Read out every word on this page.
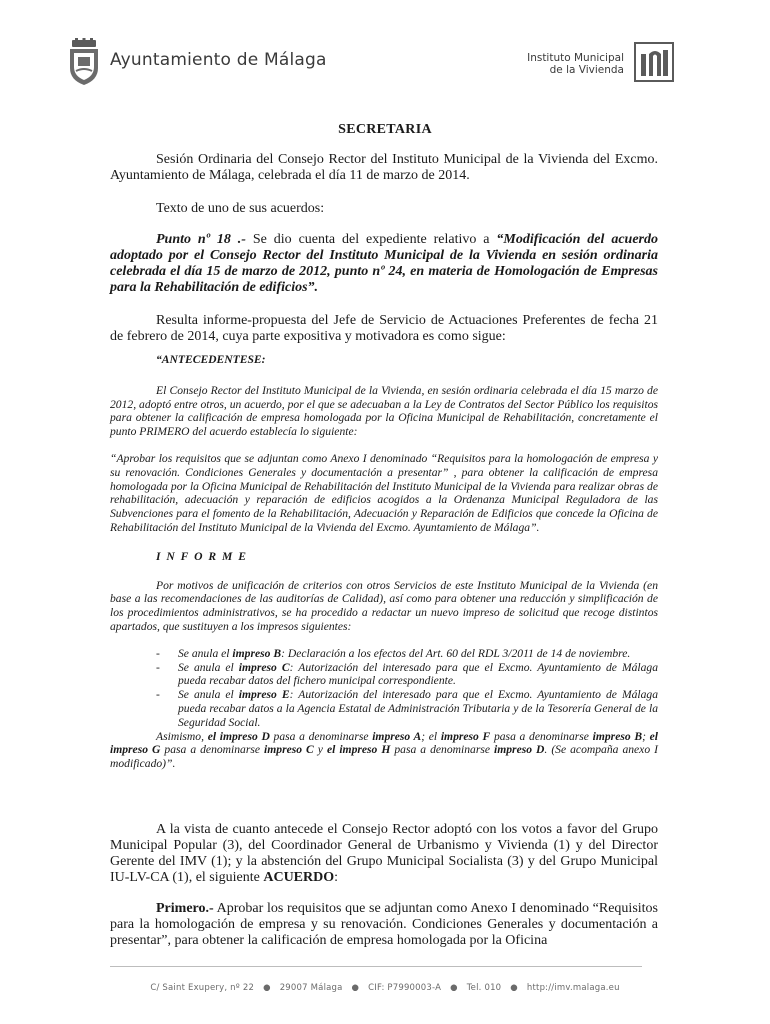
Ayuntamiento de Málaga	Instituto Municipal
de la Vivienda
SECRETARIA

Sesión Ordinaria del Consejo Rector del Instituto Municipal de la Vivienda del Excmo. Ayuntamiento de Málaga, celebrada el día 11 de marzo de 2014.

Texto de uno de sus acuerdos:

Punto nº 18 .- Se dio cuenta del expediente relativo a “Modificación del acuerdo adoptado por el Consejo Rector del Instituto Municipal de la Vivienda en sesión ordinaria celebrada el día 15 de marzo de 2012, punto nº 24, en materia de Homologación de Empresas para la Rehabilitación de edificios”.

Resulta informe-propuesta del Jefe de Servicio de Actuaciones Preferentes de fecha 21 de febrero de 2014, cuya parte expositiva y motivadora es como sigue:

“ANTECEDENTESE:

El Consejo Rector del Instituto Municipal de la Vivienda, en sesión ordinaria celebrada el día 15 marzo de 2012, adoptó entre otros, un acuerdo, por el que se adecuaban a la Ley de Contratos del Sector Público los requisitos para obtener la calificación de empresa homologada por la Oficina Municipal de Rehabilitación, concretamente el punto PRIMERO del acuerdo establecía lo siguiente:

“Aprobar los requisitos que se adjuntan como Anexo I denominado “Requisitos para la homologación de empresa y su renovación. Condiciones Generales y documentación a presentar” , para obtener la calificación de empresa homologada por la Oficina Municipal de Rehabilitación del Instituto Municipal de la Vivienda para realizar obras de rehabilitación, adecuación y reparación de edificios acogidos a la Ordenanza Municipal Reguladora de las Subvenciones para el fomento de la Rehabilitación, Adecuación y Reparación de Edificios que concede la Oficina de Rehabilitación del Instituto Municipal de la Vivienda del Excmo. Ayuntamiento de Málaga”.

I N F O R M E

Por motivos de unificación de criterios con otros Servicios de este Instituto Municipal de la Vivienda (en base a las recomendaciones de las auditorías de Calidad), así como para obtener una reducción y simplificación de los procedimientos administrativos, se ha procedido a redactar un nuevo impreso de solicitud que recoge distintos apartados, que sustituyen a los impresos siguientes:

- Se anula el impreso B: Declaración a los efectos del Art. 60 del RDL 3/2011 de 14 de noviembre.
- Se anula el impreso C: Autorización del interesado para que el Excmo. Ayuntamiento de Málaga pueda recabar datos del fichero municipal correspondiente.
- Se anula el impreso E: Autorización del interesado para que el Excmo. Ayuntamiento de Málaga pueda recabar datos a la Agencia Estatal de Administración Tributaria y de la Tesorería General de la Seguridad Social.

Asimismo, el impreso D pasa a denominarse impreso A; el impreso F pasa a denominarse impreso B; el impreso G pasa a denominarse impreso C y el impreso H pasa a denominarse impreso D. (Se acompaña anexo I modificado)”.

A la vista de cuanto antecede el Consejo Rector adoptó con los votos a favor del Grupo Municipal Popular (3), del Coordinador General de Urbanismo y Vivienda (1) y del Director Gerente del IMV (1); y la abstención del Grupo Municipal Socialista (3) y del Grupo Municipal IU-LV-CA (1), el siguiente ACUERDO:

Primero.- Aprobar los requisitos que se adjuntan como Anexo I denominado “Requisitos para la homologación de empresa y su renovación. Condiciones Generales y documentación a presentar”, para obtener la calificación de empresa homologada por la Oficina

C/ Saint Exupery, nº 22 ● 29007 Málaga ● CIF: P7990003-A ● Tel. 010 ● http://imv.malaga.eu
